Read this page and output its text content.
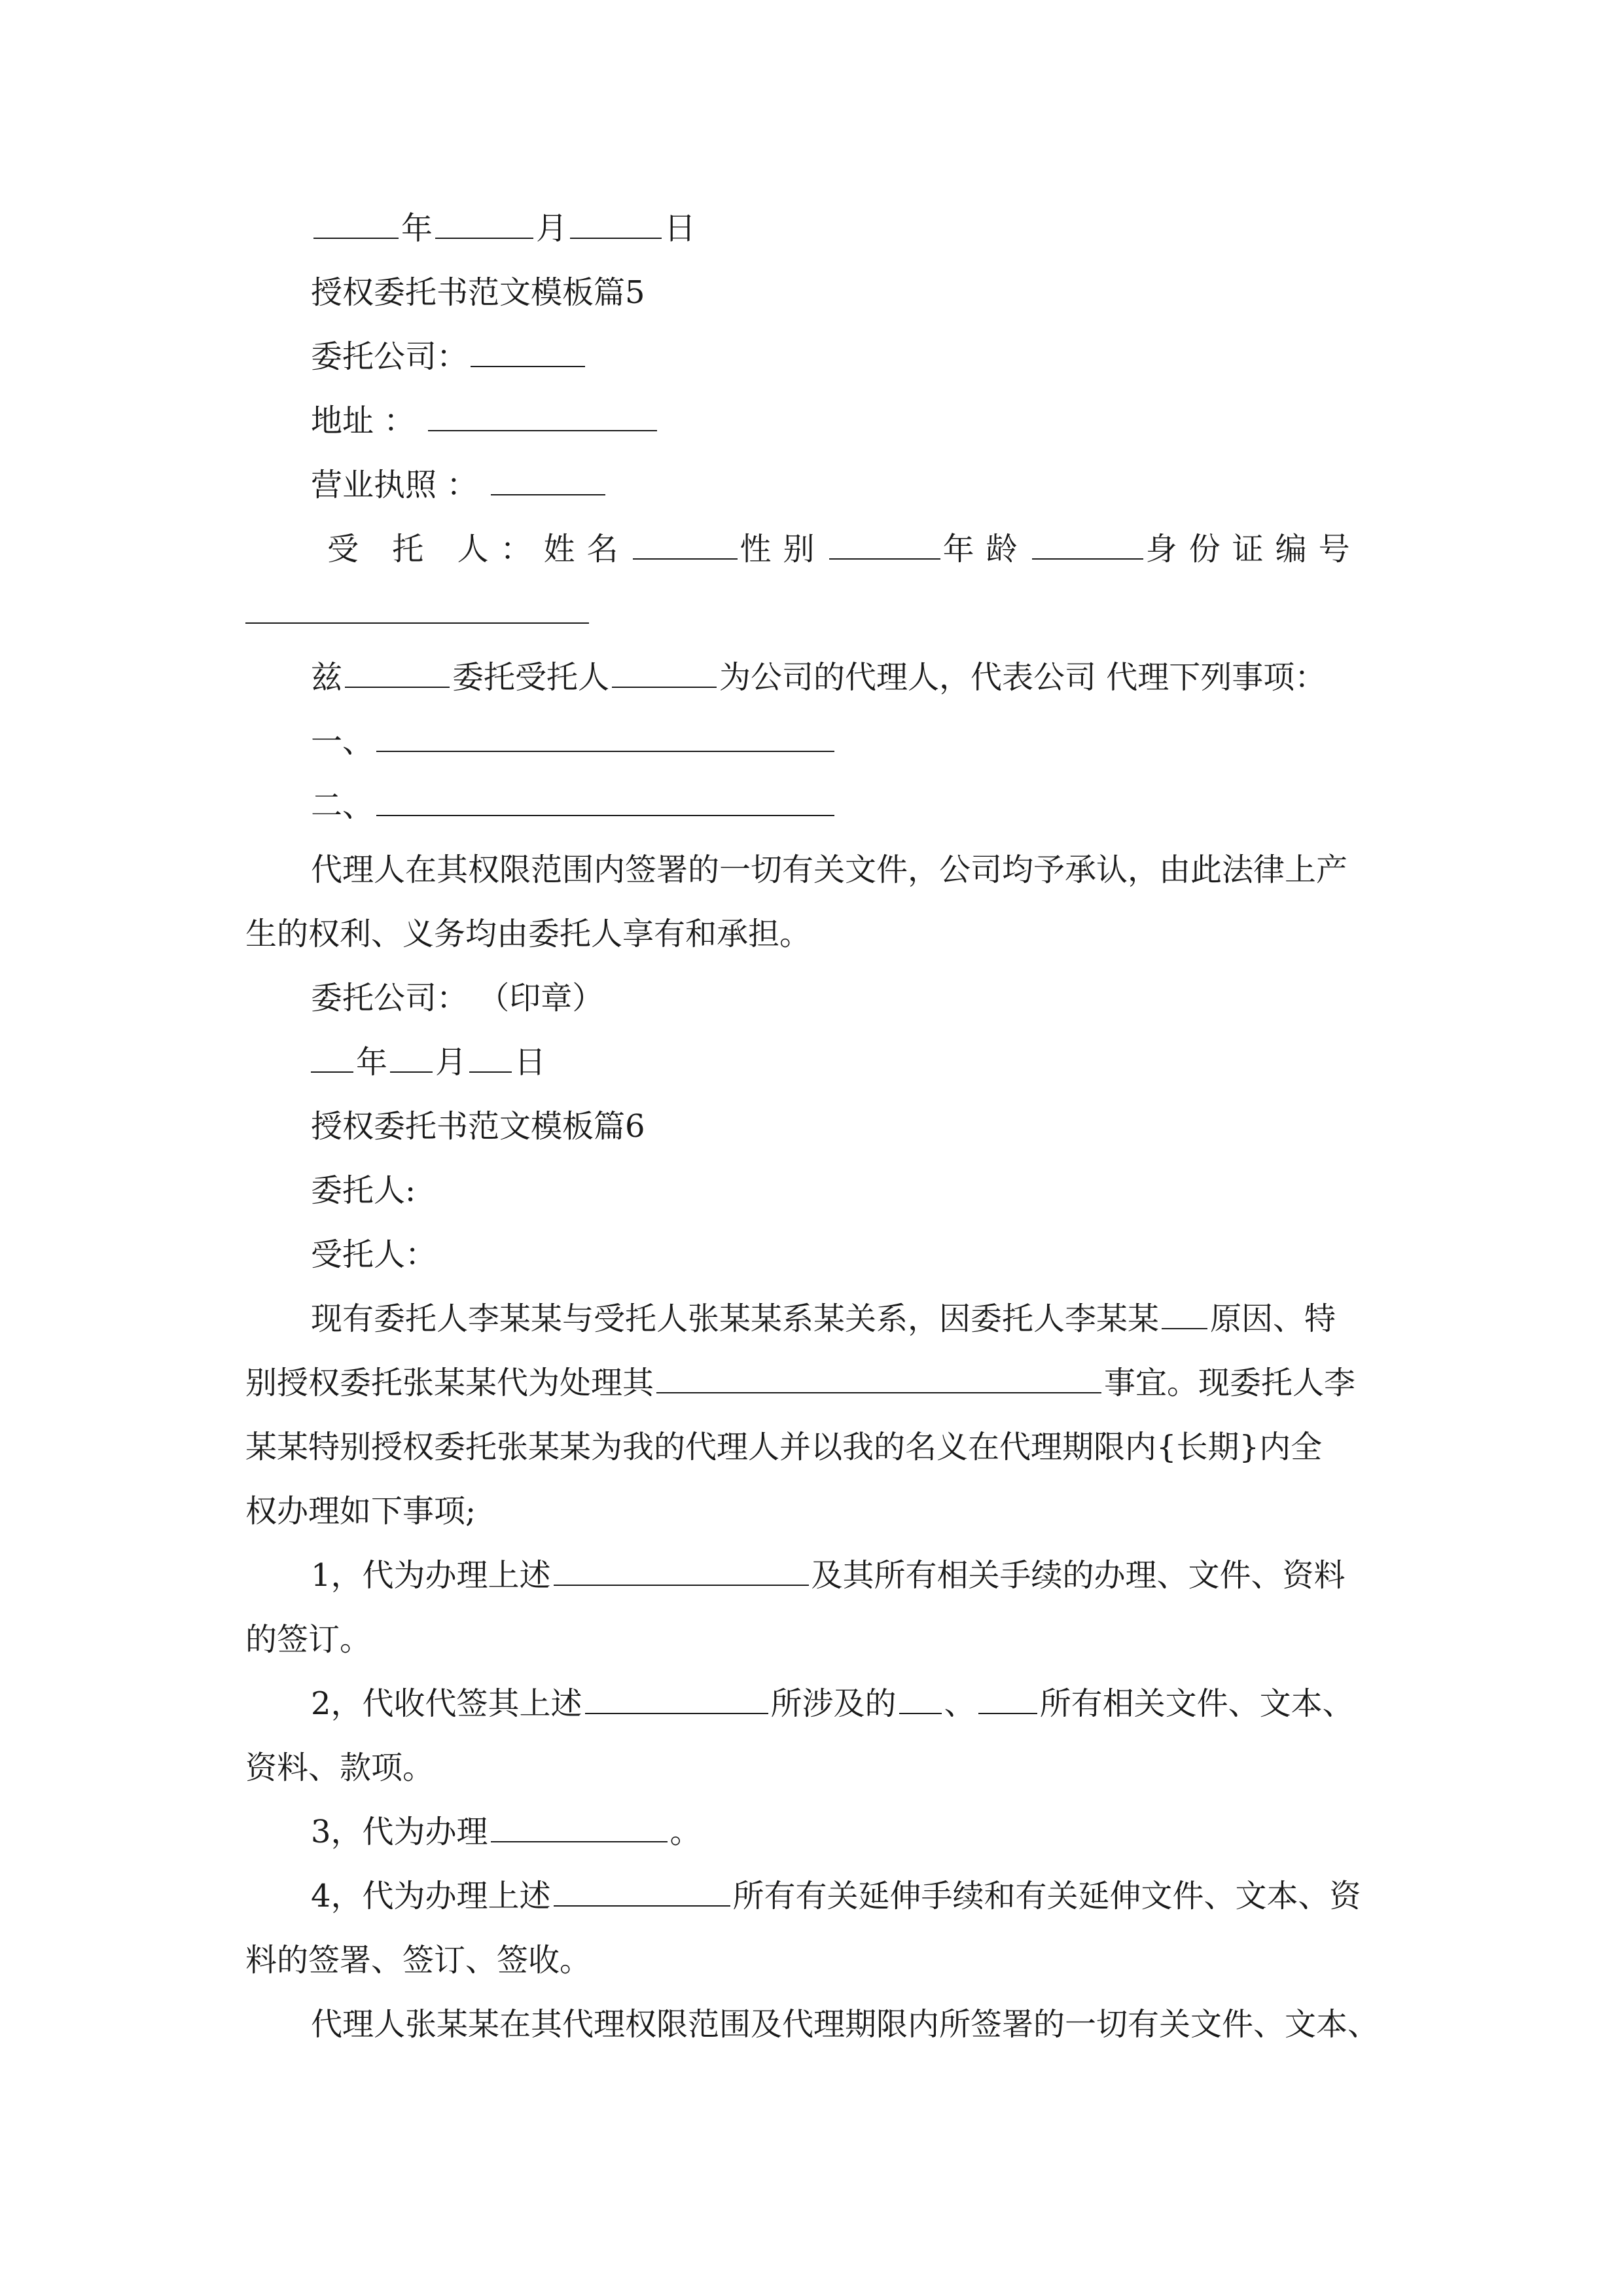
年	月	日
授权委托书范文模板篇5
委托公司：
地址 ：
营业执照 ：
受 托 人：姓名	性别	年龄	身份证编号
兹	委托受托人	为公司的代理人，代表公司 代理下列事项：
一、
二、
代理人在其权限范围内签署的一切有关文件，公司均予承认，由此法律上产
生的权利、义务均由委托人享有和承担。
委托公司： （印章）
年 月 日
授权委托书范文模板篇6
委托人:
受托人：
现有委托人李某某与受托人张某某系某关系，因委托人李某某 原因、特
别授权委托张某某代为处理其	事宜。现委托人李
某某特别授权委托张某某为我的代理人并以我的名义在代理期限内{长期}内全
权办理如下事项;
1，代为办理上述	及其所有相关手续的办理、文件、资料
的签订。
2，代收代签其上述	所涉及的 、 所有相关文件、文本、
资料、款项。
3，代为办理	。
4，代为办理上述	所有有关延伸手续和有关延伸文件、文本、资
料的签署、签订、签收。
代理人张某某在其代理权限范围及代理期限内所签署的一切有关文件、文本、
